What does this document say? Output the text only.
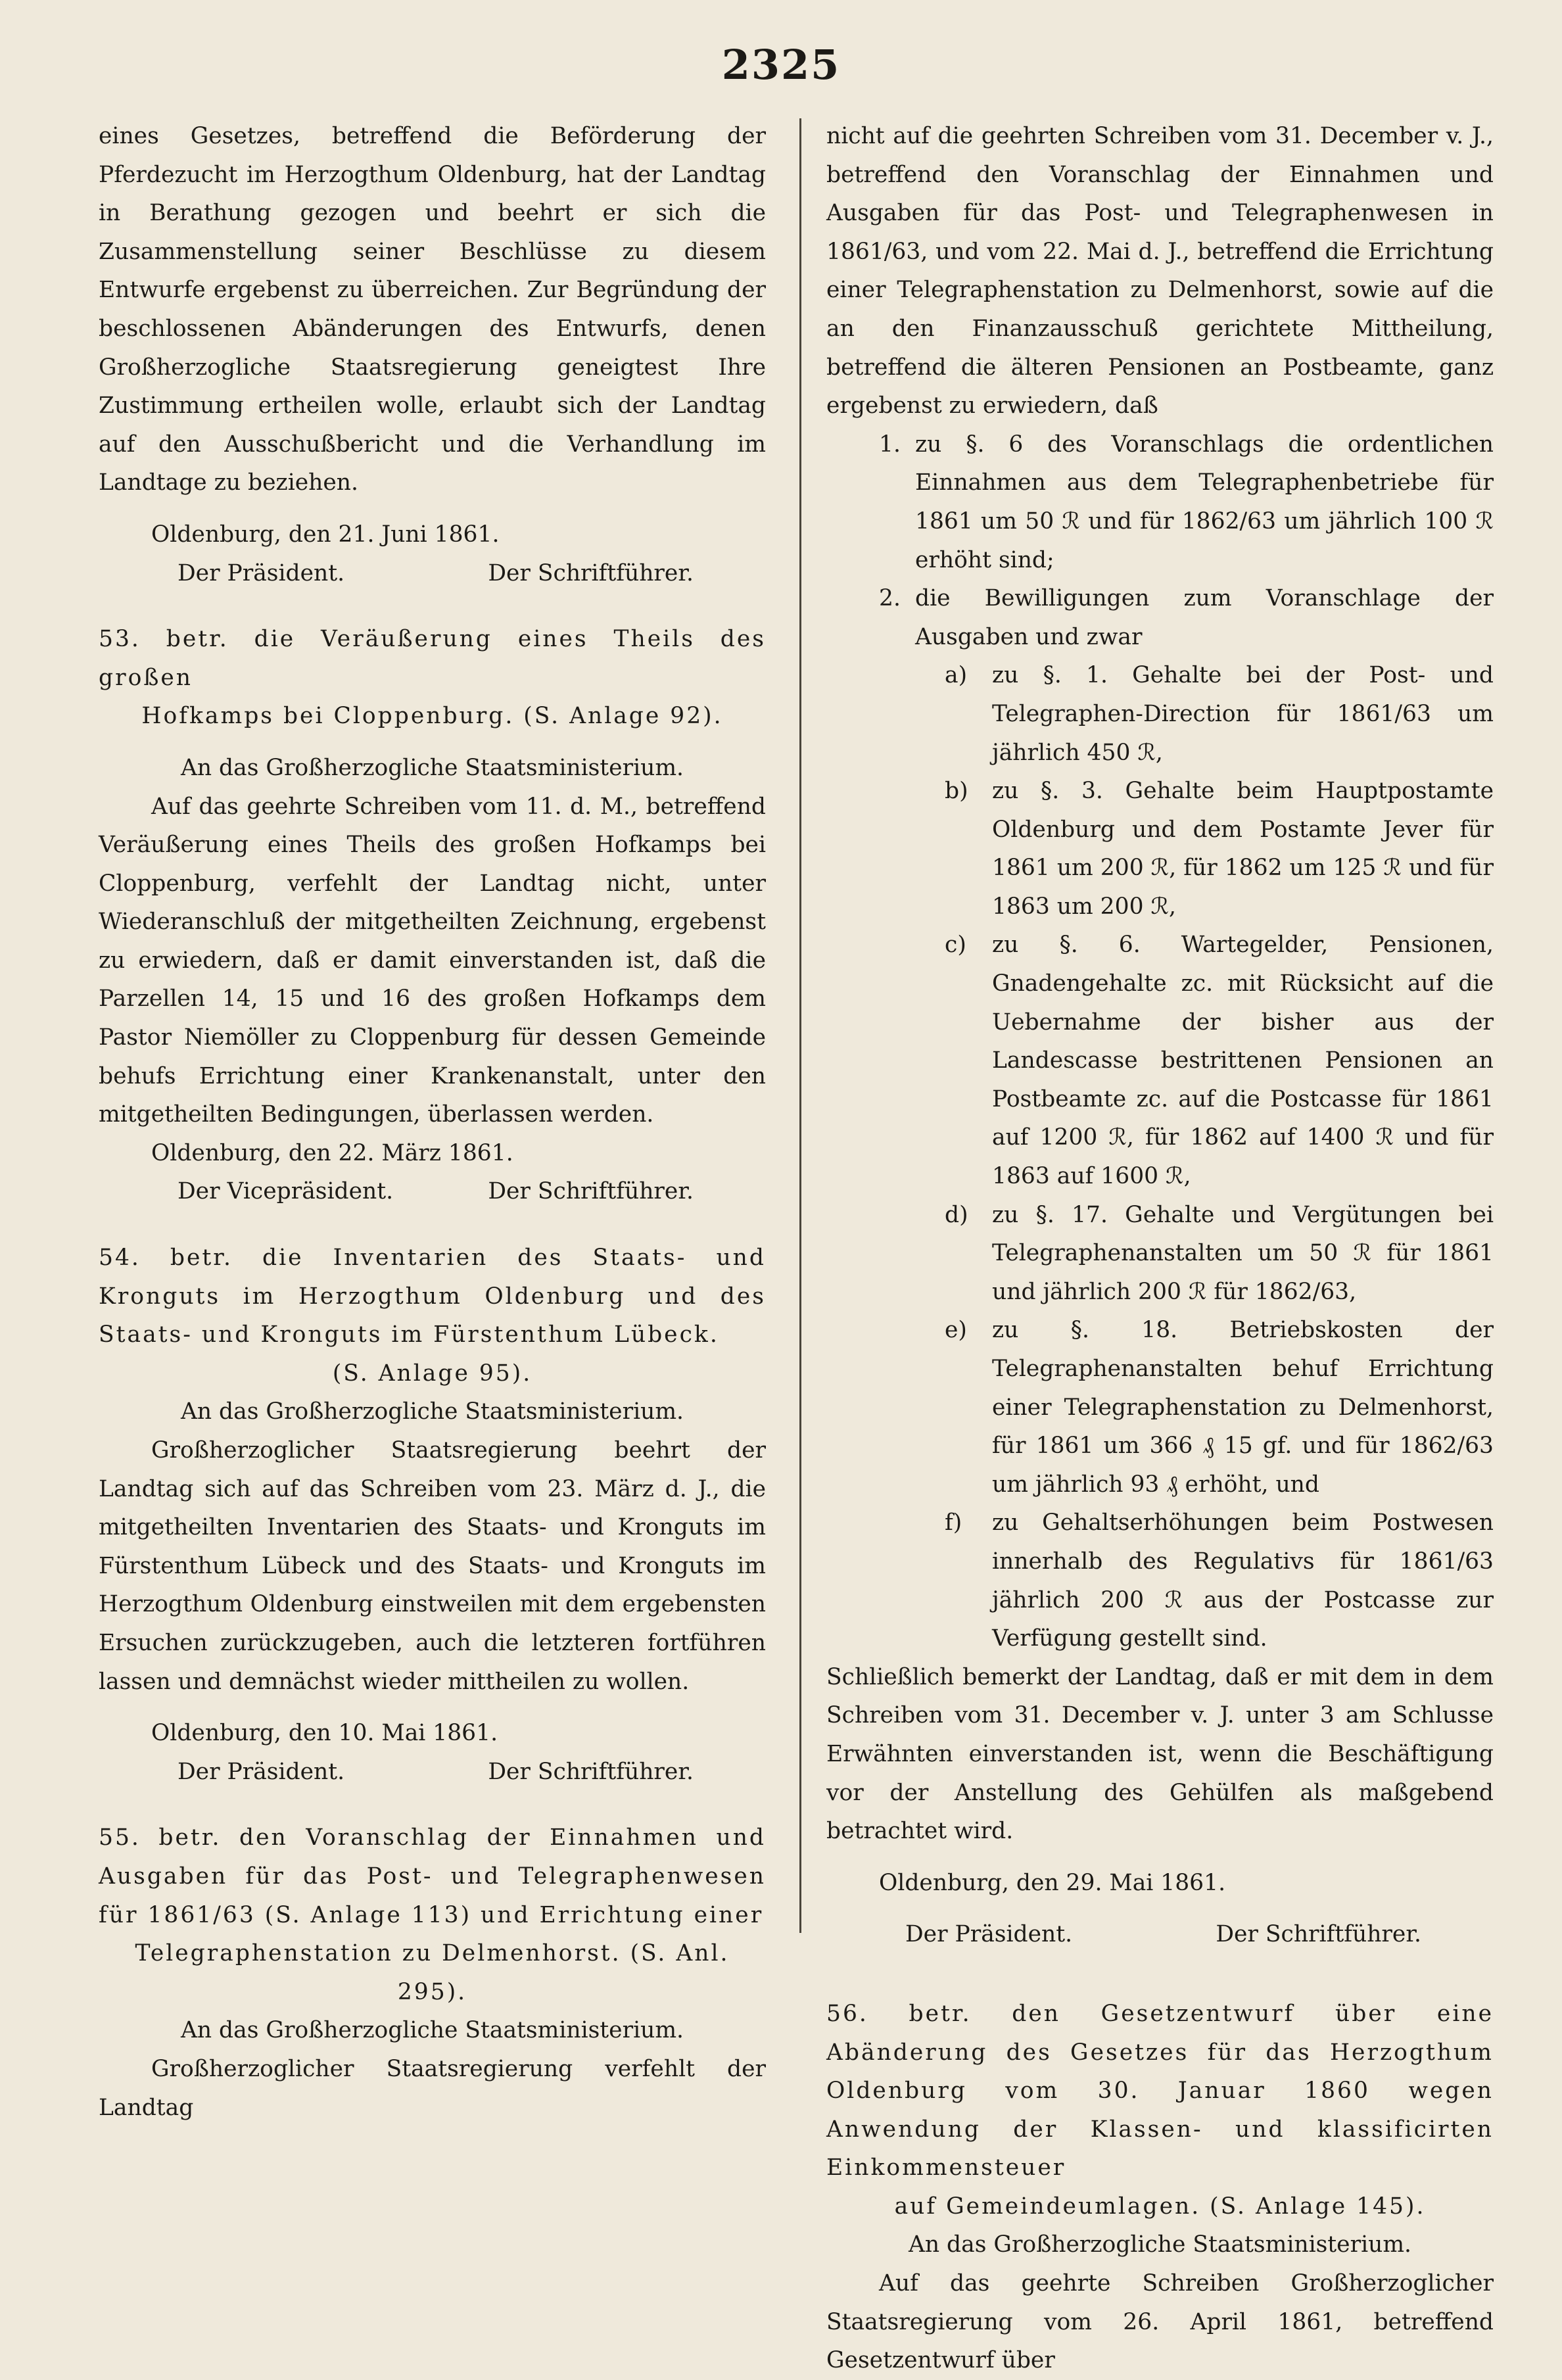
2325

eines Gesetzes, betreffend die Beförderung der Pferdezucht im Herzogthum Oldenburg, hat der Landtag in Berathung gezogen und beehrt er sich die Zusammenstellung seiner Beschlüsse zu diesem Entwurfe ergebenst zu überreichen. Zur Begründung der beschlossenen Abänderungen des Entwurfs, denen Großherzogliche Staatsregierung geneigtest Ihre Zustimmung ertheilen wolle, erlaubt sich der Landtag auf den Ausschußbericht und die Verhandlung im Landtage zu beziehen.

Oldenburg, den 21. Juni 1861.

Der Präsident.	Der Schriftführer.

53. betr. die Veräußerung eines Theils des großen
Hofkamps bei Cloppenburg. (S. Anlage 92).

An das Großherzogliche Staatsministerium.

Auf das geehrte Schreiben vom 11. d. M., betreffend Veräußerung eines Theils des großen Hofkamps bei Cloppenburg, verfehlt der Landtag nicht, unter Wiederanschluß der mitgetheilten Zeichnung, ergebenst zu erwiedern, daß er damit einverstanden ist, daß die Parzellen 14, 15 und 16 des großen Hofkamps dem Pastor Niemöller zu Cloppenburg für dessen Gemeinde behufs Errichtung einer Krankenanstalt, unter den mitgetheilten Bedingungen, überlassen werden.

Oldenburg, den 22. März 1861.

Der Vicepräsident.	Der Schriftführer.

54. betr. die Inventarien des Staats- und Kronguts im Herzogthum Oldenburg und des Staats- und Kronguts im Fürstenthum Lübeck.
(S. Anlage 95).

An das Großherzogliche Staatsministerium.

Großherzoglicher Staatsregierung beehrt der Landtag sich auf das Schreiben vom 23. März d. J., die mitgetheilten Inventarien des Staats- und Kronguts im Fürstenthum Lübeck und des Staats- und Kronguts im Herzogthum Oldenburg einstweilen mit dem ergebensten Ersuchen zurückzugeben, auch die letzteren fortführen lassen und demnächst wieder mittheilen zu wollen.

Oldenburg, den 10. Mai 1861.

Der Präsident.	Der Schriftführer.

55. betr. den Voranschlag der Einnahmen und Ausgaben für das Post- und Telegraphenwesen für 1861/63 (S. Anlage 113) und Errichtung einer
Telegraphenstation zu Delmenhorst. (S. Anl. 295).

An das Großherzogliche Staatsministerium.

Großherzoglicher Staatsregierung verfehlt der Landtag

nicht auf die geehrten Schreiben vom 31. December v. J., betreffend den Voranschlag der Einnahmen und Ausgaben für das Post- und Telegraphenwesen in 1861/63, und vom 22. Mai d. J., betreffend die Errichtung einer Telegraphenstation zu Delmenhorst, sowie auf die an den Finanzausschuß gerichtete Mittheilung, betreffend die älteren Pensionen an Postbeamte, ganz ergebenst zu erwiedern, daß

1. zu §. 6 des Voranschlags die ordentlichen Einnahmen aus dem Telegraphenbetriebe für 1861 um 50 ℛ und für 1862/63 um jährlich 100 ℛ erhöht sind;
2. die Bewilligungen zum Voranschlage der Ausgaben und zwar
a)	zu §. 1. Gehalte bei der Post- und Telegraphen-Direction für 1861/63 um jährlich 450 ℛ,
b)	zu §. 3. Gehalte beim Hauptpostamte Oldenburg und dem Postamte Jever für 1861 um 200 ℛ, für 1862 um 125 ℛ und für 1863 um 200 ℛ,
c)	zu §. 6. Wartegelder, Pensionen, Gnadengehalte zc. mit Rücksicht auf die Uebernahme der bisher aus der Landescasse bestrittenen Pensionen an Postbeamte zc. auf die Postcasse für 1861 auf 1200 ℛ, für 1862 auf 1400 ℛ und für 1863 auf 1600 ℛ,
d)	zu §. 17. Gehalte und Vergütungen bei Telegraphenanstalten um 50 ℛ für 1861 und jährlich 200 ℛ für 1862/63,
e)	zu §. 18. Betriebskosten der Telegraphenanstalten behuf Errichtung einer Telegraphenstation zu Delmenhorst, für 1861 um 366 ₰ 15 gf. und für 1862/63 um jährlich 93 ₰ erhöht, und
f)	zu Gehaltserhöhungen beim Postwesen innerhalb des Regulativs für 1861/63 jährlich 200 ℛ aus der Postcasse zur Verfügung gestellt sind.

Schließlich bemerkt der Landtag, daß er mit dem in dem Schreiben vom 31. December v. J. unter 3 am Schlusse Erwähnten einverstanden ist, wenn die Beschäftigung vor der Anstellung des Gehülfen als maßgebend betrachtet wird.

Oldenburg, den 29. Mai 1861.

Der Präsident.	Der Schriftführer.

56. betr. den Gesetzentwurf über eine Abänderung des Gesetzes für das Herzogthum Oldenburg vom 30. Januar 1860 wegen Anwendung der Klassen- und klassificirten Einkommensteuer
auf Gemeindeumlagen. (S. Anlage 145).

An das Großherzogliche Staatsministerium.

Auf das geehrte Schreiben Großherzoglicher Staatsregierung vom 26. April 1861, betreffend Gesetzentwurf über
